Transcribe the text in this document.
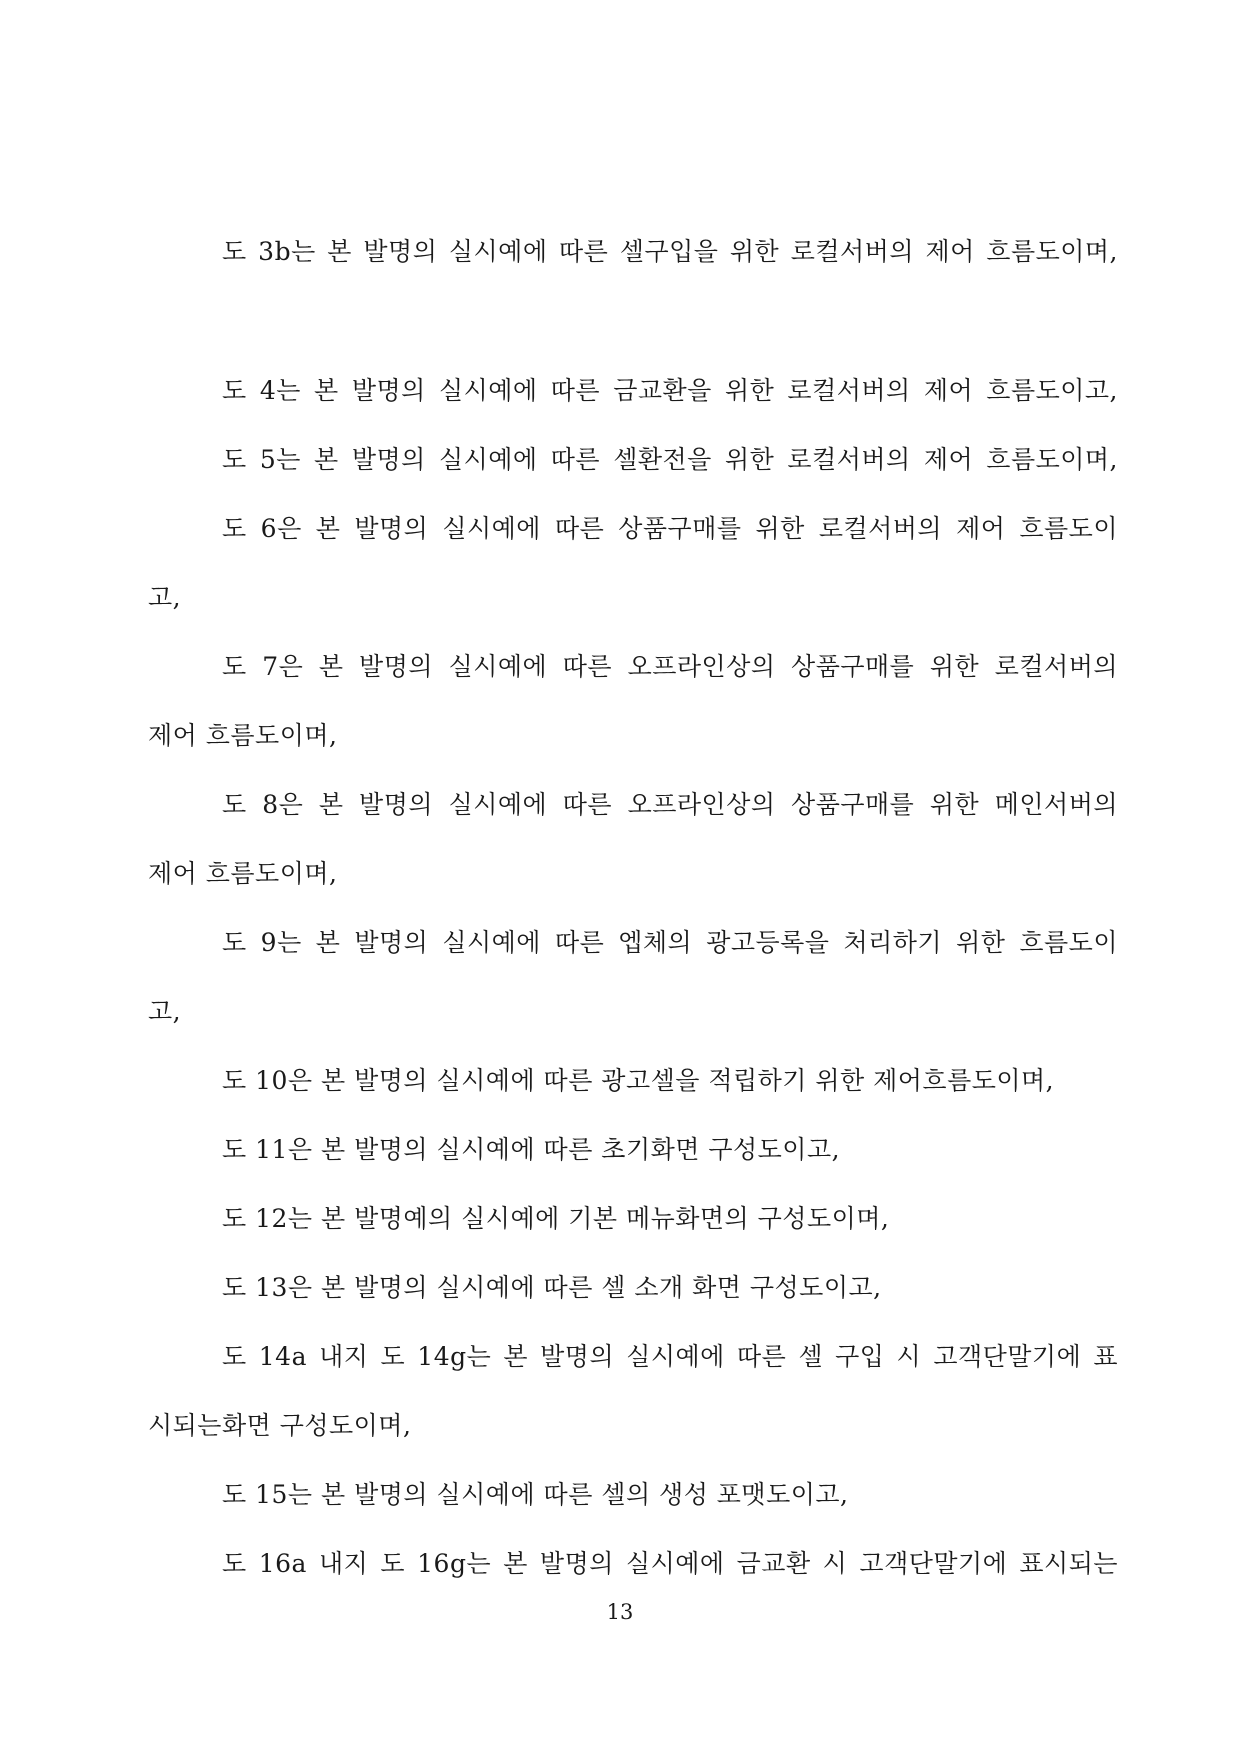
도 3b는 본 발명의 실시예에 따른 셀구입을 위한 로컬서버의 제어 흐름도이며,
도 4는 본 발명의 실시예에 따른 금교환을 위한 로컬서버의 제어 흐름도이고,
도 5는 본 발명의 실시예에 따른 셀환전을 위한 로컬서버의 제어 흐름도이며,
도 6은 본 발명의 실시예에 따른 상품구매를 위한 로컬서버의 제어 흐름도이
고,
도 7은 본 발명의 실시예에 따른 오프라인상의 상품구매를 위한 로컬서버의
제어 흐름도이며,
도 8은 본 발명의 실시예에 따른 오프라인상의 상품구매를 위한 메인서버의
제어 흐름도이며,
도 9는 본 발명의 실시예에 따른 엡체의 광고등록을 처리하기 위한 흐름도이
고,
도 10은 본 발명의 실시예에 따른 광고셀을 적립하기 위한 제어흐름도이며,
도 11은 본 발명의 실시예에 따른 초기화면 구성도이고,
도 12는 본 발명예의 실시예에 기본 메뉴화면의 구성도이며,
도 13은 본 발명의 실시예에 따른 셀 소개 화면 구성도이고,
도 14a 내지 도 14g는 본 발명의 실시예에 따른 셀 구입 시 고객단말기에 표
시되는화면 구성도이며,
도 15는 본 발명의 실시예에 따른 셀의 생성 포맷도이고,
도 16a 내지 도 16g는 본 발명의 실시예에 금교환 시 고객단말기에 표시되는
13
